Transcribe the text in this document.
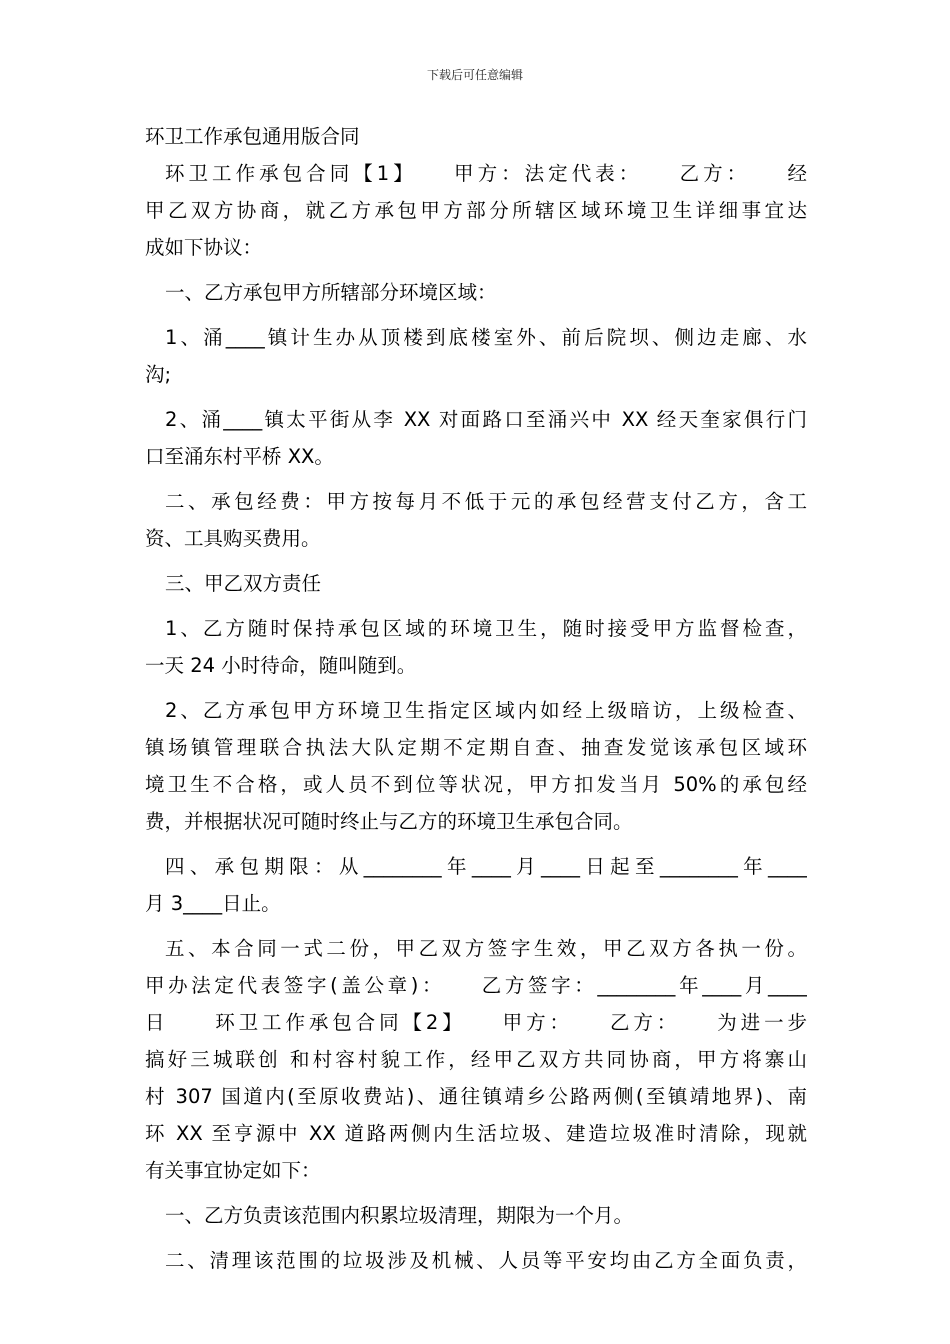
下载后可任意编辑
环卫工作承包通用版合同
环卫工作承包合同【1】　　甲方：法定代表：　　乙方：　　经
甲乙双方协商，就乙方承包甲方部分所辖区域环境卫生详细事宜达
成如下协议：
一、乙方承包甲方所辖部分环境区域：
1、涌____镇计生办从顶楼到底楼室外、前后院坝、侧边走廊、水
沟;
2、涌____镇太平街从李 XX 对面路口至涌兴中 XX 经天奎家俱行门
口至涌东村平桥 XX。
二、承包经费：甲方按每月不低于元的承包经营支付乙方，含工
资、工具购买费用。
三、甲乙双方责任
1、乙方随时保持承包区域的环境卫生，随时接受甲方监督检查，
一天 24 小时待命，随叫随到。
2、乙方承包甲方环境卫生指定区域内如经上级暗访，上级检查、
镇场镇管理联合执法大队定期不定期自查、抽查发觉该承包区域环
境卫生不合格，或人员不到位等状况，甲方扣发当月 50%的承包经
费，并根据状况可随时终止与乙方的环境卫生承包合同。
四、承包期限：从________年____月____日起至________年____
月 3____日止。
五、本合同一式二份，甲乙双方签字生效，甲乙双方各执一份。
甲办法定代表签字(盖公章)：　　乙方签字：________年____月____
日　　环卫工作承包合同【2】　　甲方：　　乙方：　　为进一步
搞好三城联创 和村容村貌工作，经甲乙双方共同协商，甲方将寨山
村 307 国道内(至原收费站)、通往镇靖乡公路两侧(至镇靖地界)、南
环 XX 至亨源中 XX 道路两侧内生活垃圾、建造垃圾准时清除，现就
有关事宜协定如下：
一、乙方负责该范围内积累垃圾清理，期限为一个月。
二、清理该范围的垃圾涉及机械、人员等平安均由乙方全面负责，
